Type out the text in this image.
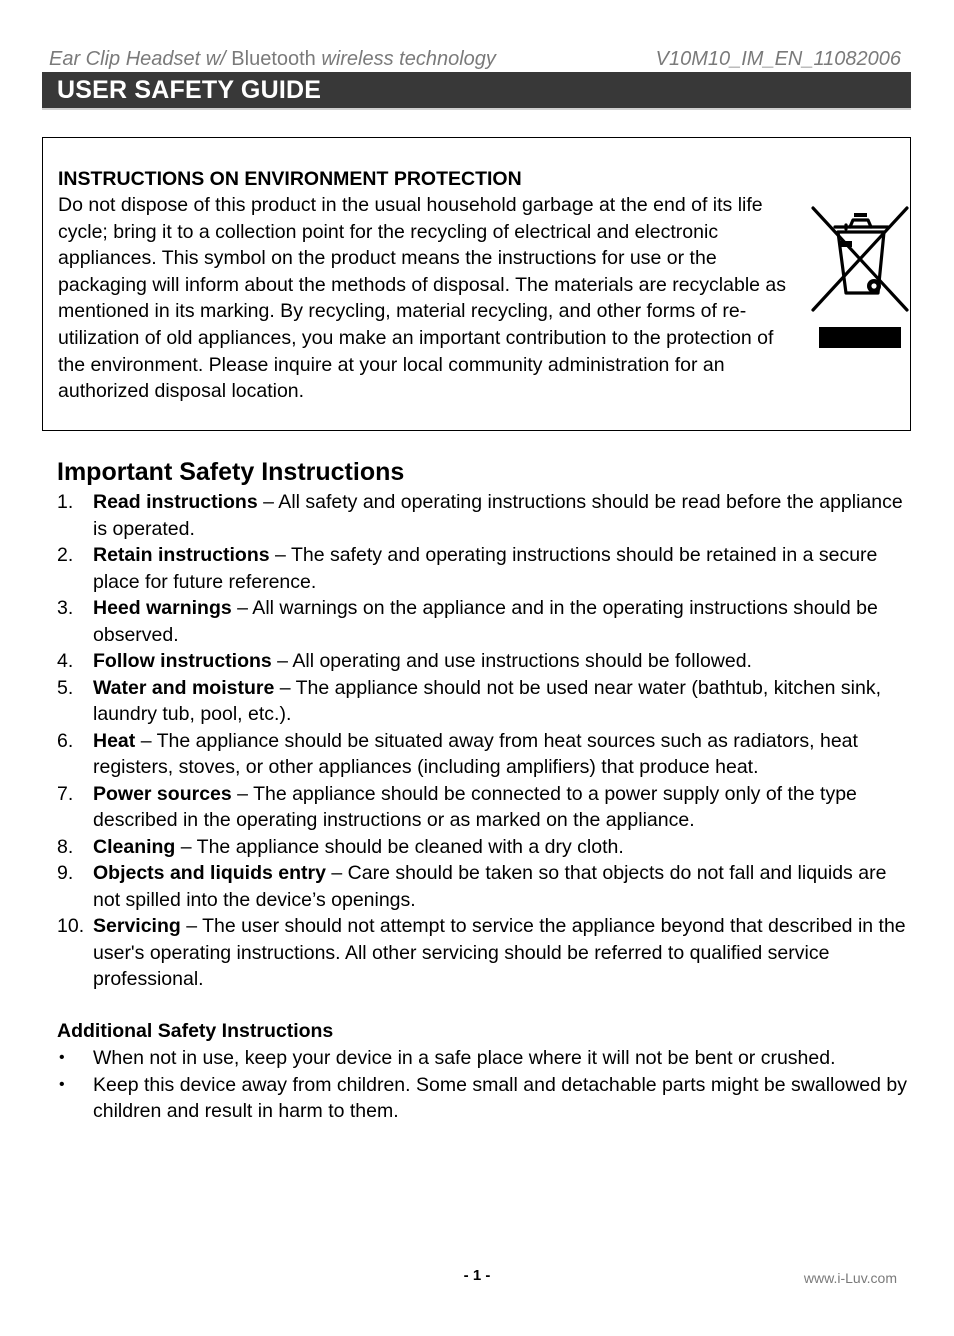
Ear Clip Headset w/ Bluetooth wireless technology	V10M10_IM_EN_11082006
USER SAFETY GUIDE
INSTRUCTIONS ON ENVIRONMENT PROTECTION
Do not dispose of this product in the usual household garbage at the end of its life cycle; bring it to a collection point for the recycling of electrical and electronic appliances. This symbol on the product means the instructions for use or the packaging will inform about the methods of disposal. The materials are recyclable as mentioned in its marking. By recycling, material recycling, and other forms of re-utilization of old appliances, you make an important contribution to the protection of the environment. Please inquire at your local community administration for an authorized disposal location.
Important Safety Instructions
1. Read instructions – All safety and operating instructions should be read before the appliance is operated.
2. Retain instructions – The safety and operating instructions should be retained in a secure place for future reference.
3. Heed warnings – All warnings on the appliance and in the operating instructions should be observed.
4. Follow instructions – All operating and use instructions should be followed.
5. Water and moisture – The appliance should not be used near water (bathtub, kitchen sink, laundry tub, pool, etc.).
6. Heat – The appliance should be situated away from heat sources such as radiators, heat registers, stoves, or other appliances (including amplifiers) that produce heat.
7. Power sources – The appliance should be connected to a power supply only of the type described in the operating instructions or as marked on the appliance.
8. Cleaning – The appliance should be cleaned with a dry cloth.
9. Objects and liquids entry – Care should be taken so that objects do not fall and liquids are not spilled into the device’s openings.
10. Servicing – The user should not attempt to service the appliance beyond that described in the user's operating instructions. All other servicing should be referred to qualified service professional.
Additional Safety Instructions
• When not in use, keep your device in a safe place where it will not be bent or crushed.
• Keep this device away from children. Some small and detachable parts might be swallowed by children and result in harm to them.
- 1 -	www.i-Luv.com
